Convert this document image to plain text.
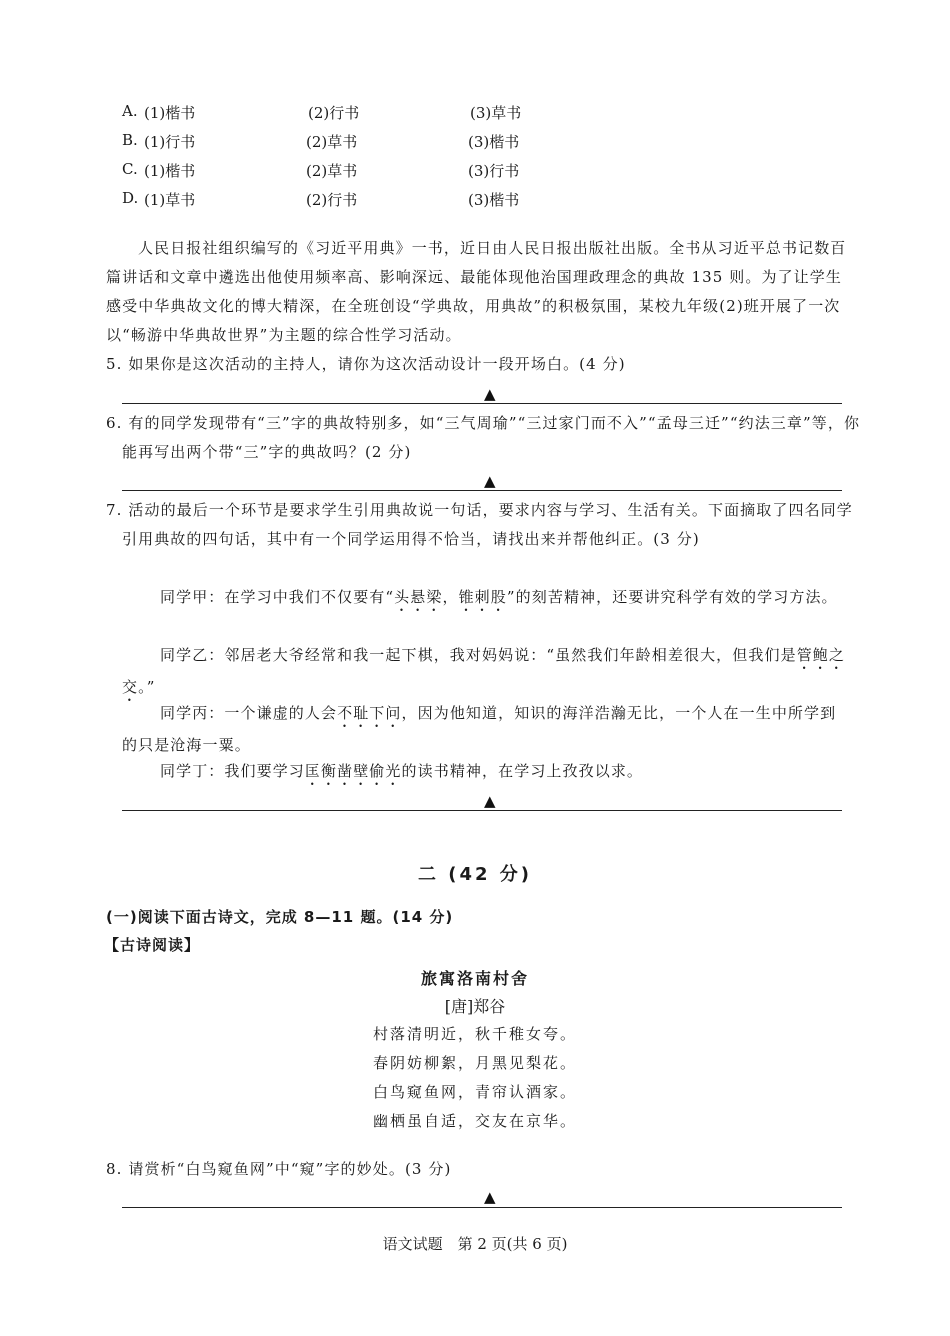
A. (1)楷书	(2)行书	(3)草书
B. (1)行书	(2)草书	(3)楷书
C. (1)楷书	(2)草书	(3)行书
D. (1)草书	(2)行书	(3)楷书
人民日报社组织编写的《习近平用典》一书，近日由人民日报出版社出版。全书从习近平总书记数百篇讲话和文章中遴选出他使用频率高、影响深远、最能体现他治国理政理念的典故 135 则。为了让学生感受中华典故文化的博大精深，在全班创设“学典故，用典故”的积极氛围，某校九年级(2)班开展了一次以“畅游中华典故世界”为主题的综合性学习活动。
5. 如果你是这次活动的主持人，请你为这次活动设计一段开场白。(4 分)
▲
6. 有的同学发现带有“三”字的典故特别多，如“三气周瑜”“三过家门而不入”“孟母三迁”“约法三章”等，你能再写出两个带“三”字的典故吗？(2 分)
▲
7. 活动的最后一个环节是要求学生引用典故说一句话，要求内容与学习、生活有关。下面摘取了四名同学引用典故的四句话，其中有一个同学运用得不恰当，请找出来并帮他纠正。(3 分)
同学甲：在学习中我们不仅要有“头悬梁，锥刺股”的刻苦精神，还要讲究科学有效的学习方法。
同学乙：邻居老大爷经常和我一起下棋，我对妈妈说：“虽然我们年龄相差很大，但我们是管鲍之交。”
同学丙：一个谦虚的人会不耻下问，因为他知道，知识的海洋浩瀚无比，一个人在一生中所学到的只是沧海一粟。
同学丁：我们要学习匡衡凿壁偷光的读书精神，在学习上孜孜以求。
▲
二 (42 分)
(一)阅读下面古诗文，完成 8—11 题。(14 分)
【古诗阅读】
旅寓洛南村舍
[唐]郑谷
村落清明近，秋千稚女夸。
春阴妨柳絮，月黑见梨花。
白鸟窥鱼网，青帘认酒家。
幽栖虽自适，交友在京华。
8. 请赏析“白鸟窥鱼网”中“窥”字的妙处。(3 分)
▲
语文试题　第 2 页(共 6 页)
